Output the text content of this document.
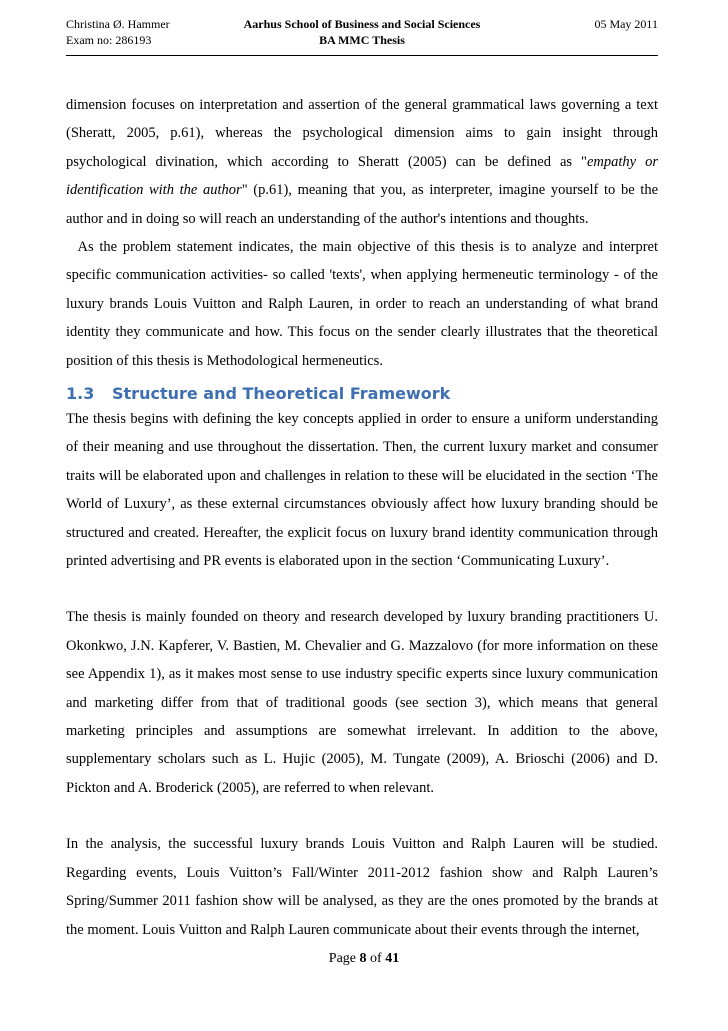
Christina Ø. Hammer
Exam no: 286193
Aarhus School of Business and Social Sciences
BA MMC Thesis
05 May 2011

dimension focuses on interpretation and assertion of the general grammatical laws governing a text (Sheratt, 2005, p.61), whereas the psychological dimension aims to gain insight through psychological divination, which according to Sheratt (2005) can be defined as "empathy or identification with the author" (p.61), meaning that you, as interpreter, imagine yourself to be the author and in doing so will reach an understanding of the author's intentions and thoughts.

As the problem statement indicates, the main objective of this thesis is to analyze and interpret specific communication activities- so called 'texts', when applying hermeneutic terminology - of the luxury brands Louis Vuitton and Ralph Lauren, in order to reach an understanding of what brand identity they communicate and how. This focus on the sender clearly illustrates that the theoretical position of this thesis is Methodological hermeneutics.

1.3 Structure and Theoretical Framework

The thesis begins with defining the key concepts applied in order to ensure a uniform understanding of their meaning and use throughout the dissertation. Then, the current luxury market and consumer traits will be elaborated upon and challenges in relation to these will be elucidated in the section ‘The World of Luxury’, as these external circumstances obviously affect how luxury branding should be structured and created. Hereafter, the explicit focus on luxury brand identity communication through printed advertising and PR events is elaborated upon in the section ‘Communicating Luxury’.

The thesis is mainly founded on theory and research developed by luxury branding practitioners U. Okonkwo, J.N. Kapferer, V. Bastien, M. Chevalier and G. Mazzalovo (for more information on these see Appendix 1), as it makes most sense to use industry specific experts since luxury communication and marketing differ from that of traditional goods (see section 3), which means that general marketing principles and assumptions are somewhat irrelevant. In addition to the above, supplementary scholars such as L. Hujic (2005), M. Tungate (2009), A. Brioschi (2006) and D. Pickton and A. Broderick (2005), are referred to when relevant.

In the analysis, the successful luxury brands Louis Vuitton and Ralph Lauren will be studied. Regarding events, Louis Vuitton’s Fall/Winter 2011-2012 fashion show and Ralph Lauren’s Spring/Summer 2011 fashion show will be analysed, as they are the ones promoted by the brands at the moment. Louis Vuitton and Ralph Lauren communicate about their events through the internet,

Page 8 of 41
